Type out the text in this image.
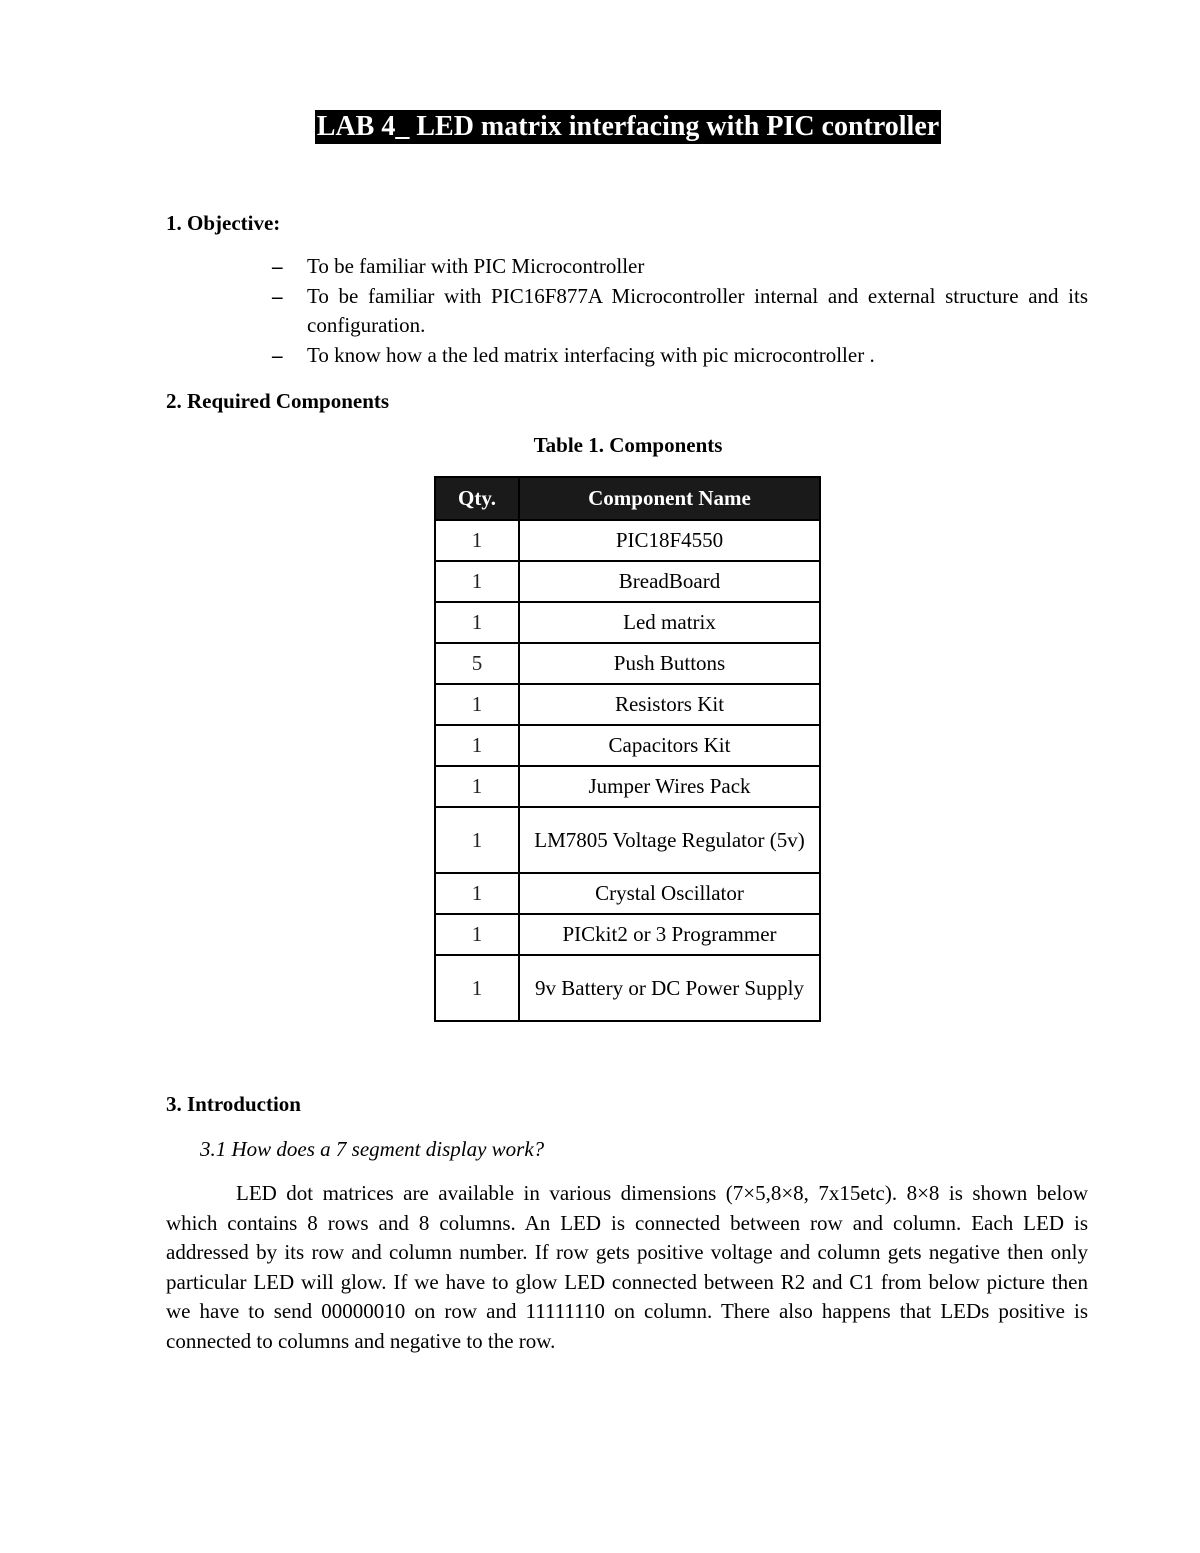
LAB 4_ LED matrix interfacing with PIC controller
1. Objective:
– To be familiar with PIC Microcontroller
– To be familiar with PIC16F877A Microcontroller internal and external structure and its configuration.
– To know how a the led matrix interfacing with pic microcontroller .
2. Required Components
Table 1. Components
Qty.	Component Name
1	PIC18F4550
1	BreadBoard
1	Led matrix
5	Push Buttons
1	Resistors Kit
1	Capacitors Kit
1	Jumper Wires Pack
1	LM7805 Voltage Regulator (5v)
1	Crystal Oscillator
1	PICkit2 or 3 Programmer
1	9v Battery or DC Power Supply
3. Introduction
3.1 How does a 7 segment display work?

LED dot matrices are available in various dimensions (7×5,8×8, 7x15etc). 8×8 is shown below which contains 8 rows and 8 columns. An LED is connected between row and column. Each LED is addressed by its row and column number. If row gets positive voltage and column gets negative then only particular LED will glow. If we have to glow LED connected between R2 and C1 from below picture then we have to send 00000010 on row and 11111110 on column. There also happens that LEDs positive is connected to columns and negative to the row.
